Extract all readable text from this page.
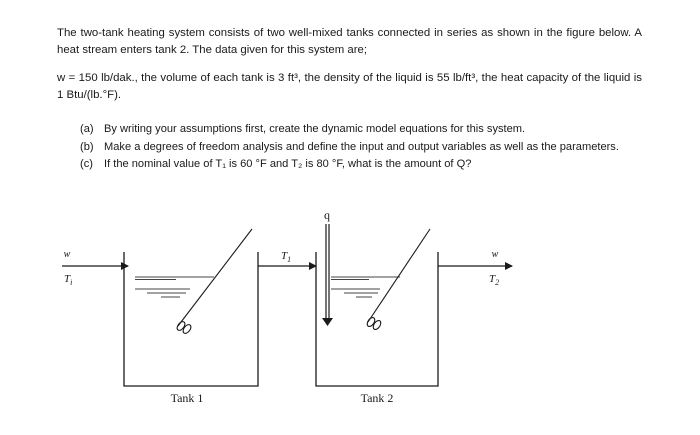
The two-tank heating system consists of two well-mixed tanks connected in series as shown in the figure below. A heat stream enters tank 2. The data given for this system are;
w = 150 lb/dak., the volume of each tank is 3 ft³, the density of the liquid is 55 lb/ft³, the heat capacity of the liquid is 1 Btu/(lb.°F).
(a) By writing your assumptions first, create the dynamic model equations for this system.
(b) Make a degrees of freedom analysis and define the input and output variables as well as the parameters.
(c) If the nominal value of T₁ is 60 °F and T₂ is 80 °F, what is the amount of Q?
w
$T_i$
$T_1$
q
w
$T_2$
Tank 1	Tank 2
